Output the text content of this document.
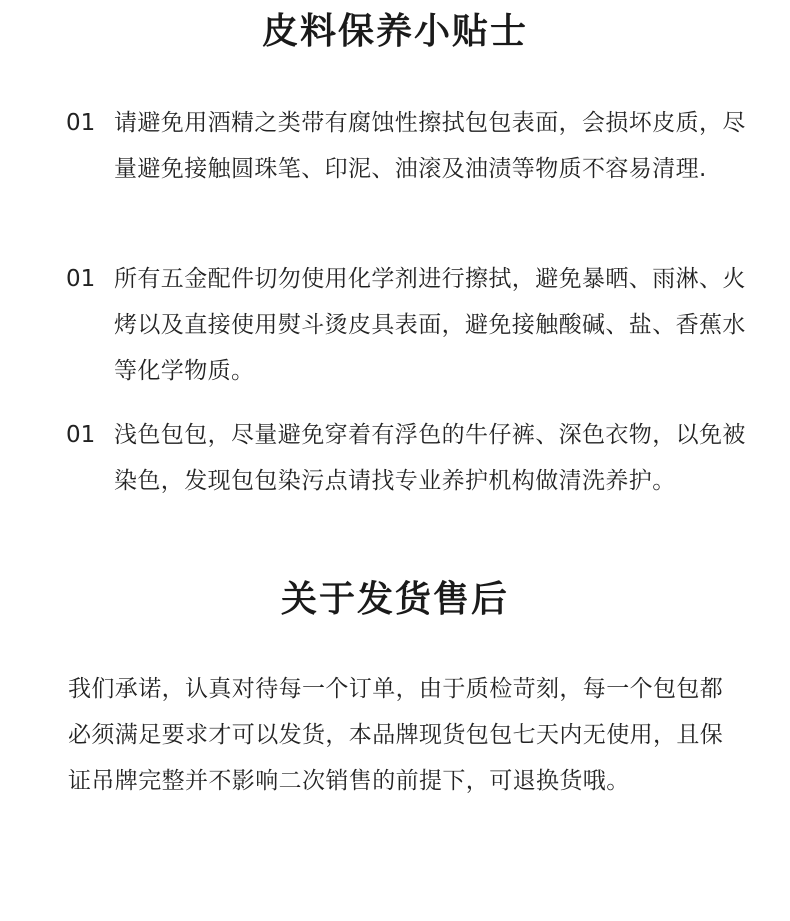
皮料保养小贴士
01 请避免用酒精之类带有腐蚀性擦拭包包表面，会损坏皮质，尽量避免接触圆珠笔、印泥、油滚及油渍等物质不容易清理.
01 所有五金配件切勿使用化学剂进行擦拭，避免暴晒、雨淋、火烤以及直接使用熨斗烫皮具表面，避免接触酸碱、盐、香蕉水等化学物质。
01 浅色包包，尽量避免穿着有浮色的牛仔裤、深色衣物，以免被染色，发现包包染污点请找专业养护机构做清洗养护。
关于发货售后
我们承诺，认真对待每一个订单，由于质检苛刻，每一个包包都必须满足要求才可以发货，本品牌现货包包七天内无使用，且保证吊牌完整并不影响二次销售的前提下，可退换货哦。
